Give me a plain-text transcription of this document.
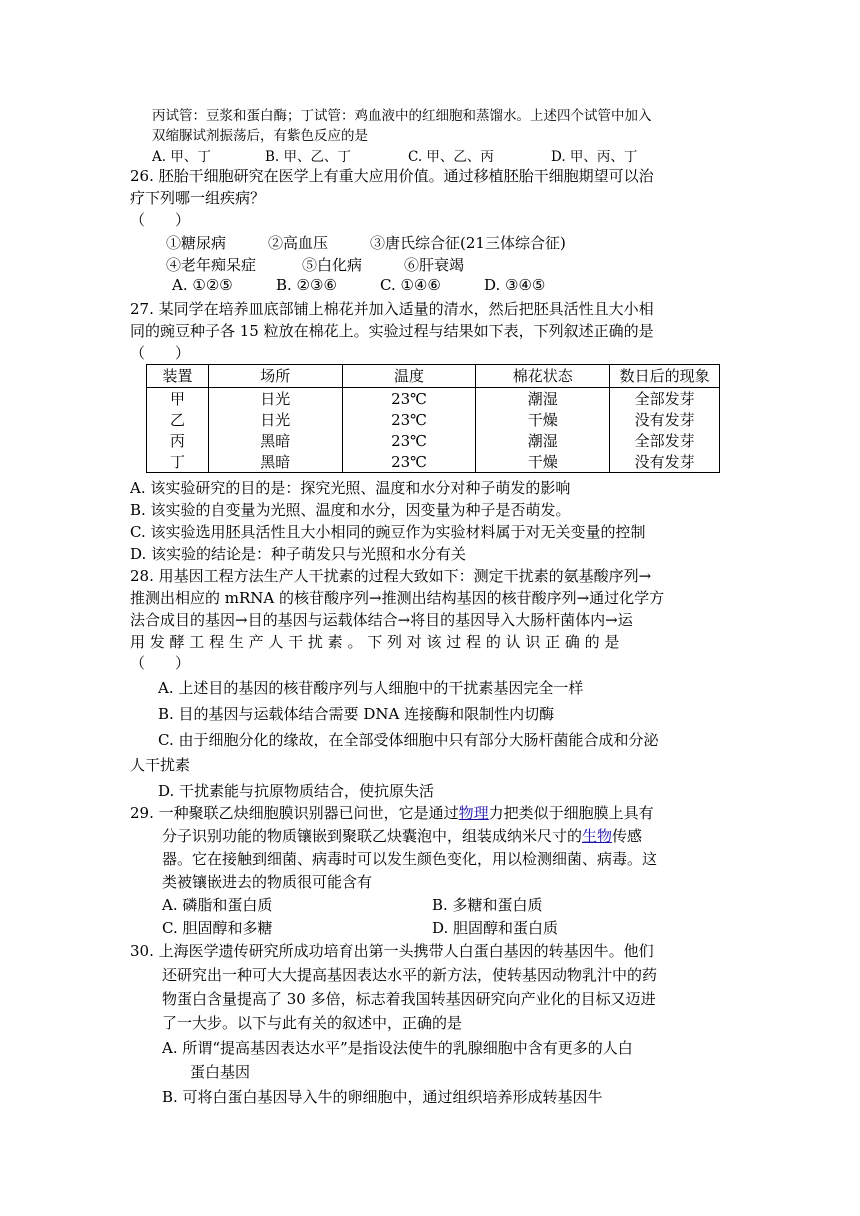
丙试管：豆浆和蛋白酶；丁试管：鸡血液中的红细胞和蒸馏水。上述四个试管中加入
双缩脲试剂振荡后，有紫色反应的是
A. 甲、丁	B. 甲、乙、丁	C. 甲、乙、丙	D. 甲、丙、丁
26. 胚胎干细胞研究在医学上有重大应用价值。通过移植胚胎干细胞期望可以治
疗下列哪一组疾病？
（　　）
①糖尿病	②高血压	③唐氏综合征(21三体综合征)
④老年痴呆症	⑤白化病	⑥肝衰竭
A. ①②⑤	B. ②③⑥	C. ①④⑥	D. ③④⑤
27. 某同学在培养皿底部铺上棉花并加入适量的清水，然后把胚具活性且大小相
同的豌豆种子各 15 粒放在棉花上。实验过程与结果如下表，下列叙述正确的是
（　　）
装置	场所	温度	棉花状态	数日后的现象
甲	日光	23℃	潮湿	全部发芽
乙	日光	23℃	干燥	没有发芽
丙	黑暗	23℃	潮湿	全部发芽
丁	黑暗	23℃	干燥	没有发芽
A. 该实验研究的目的是：探究光照、温度和水分对种子萌发的影响
B. 该实验的自变量为光照、温度和水分，因变量为种子是否萌发。
C. 该实验选用胚具活性且大小相同的豌豆作为实验材料属于对无关变量的控制
D. 该实验的结论是：种子萌发只与光照和水分有关
28. 用基因工程方法生产人干扰素的过程大致如下：测定干扰素的氨基酸序列→
推测出相应的 mRNA 的核苷酸序列→推测出结构基因的核苷酸序列→通过化学方
法合成目的基因→目的基因与运载体结合→将目的基因导入大肠杆菌体内→运
用 发 酵 工 程 生 产 人 干 扰 素 。 下 列 对 该 过 程 的 认 识 正 确 的 是
（　　）
A. 上述目的基因的核苷酸序列与人细胞中的干扰素基因完全一样
B. 目的基因与运载体结合需要 DNA 连接酶和限制性内切酶
C. 由于细胞分化的缘故，在全部受体细胞中只有部分大肠杆菌能合成和分泌
人干扰素
D. 干扰素能与抗原物质结合，使抗原失活
29. 一种聚联乙炔细胞膜识别器已问世，它是通过物理力把类似于细胞膜上具有
分子识别功能的物质镶嵌到聚联乙炔囊泡中，组装成纳米尺寸的生物传感
器。它在接触到细菌、病毒时可以发生颜色变化，用以检测细菌、病毒。这
类被镶嵌进去的物质很可能含有
A. 磷脂和蛋白质	B. 多糖和蛋白质
C. 胆固醇和多糖	D. 胆固醇和蛋白质
30. 上海医学遗传研究所成功培育出第一头携带人白蛋白基因的转基因牛。他们
还研究出一种可大大提高基因表达水平的新方法，使转基因动物乳汁中的药
物蛋白含量提高了 30 多倍，标志着我国转基因研究向产业化的目标又迈进
了一大步。以下与此有关的叙述中，正确的是
A. 所谓“提高基因表达水平”是指设法使牛的乳腺细胞中含有更多的人白
蛋白基因
B. 可将白蛋白基因导入牛的卵细胞中，通过组织培养形成转基因牛
